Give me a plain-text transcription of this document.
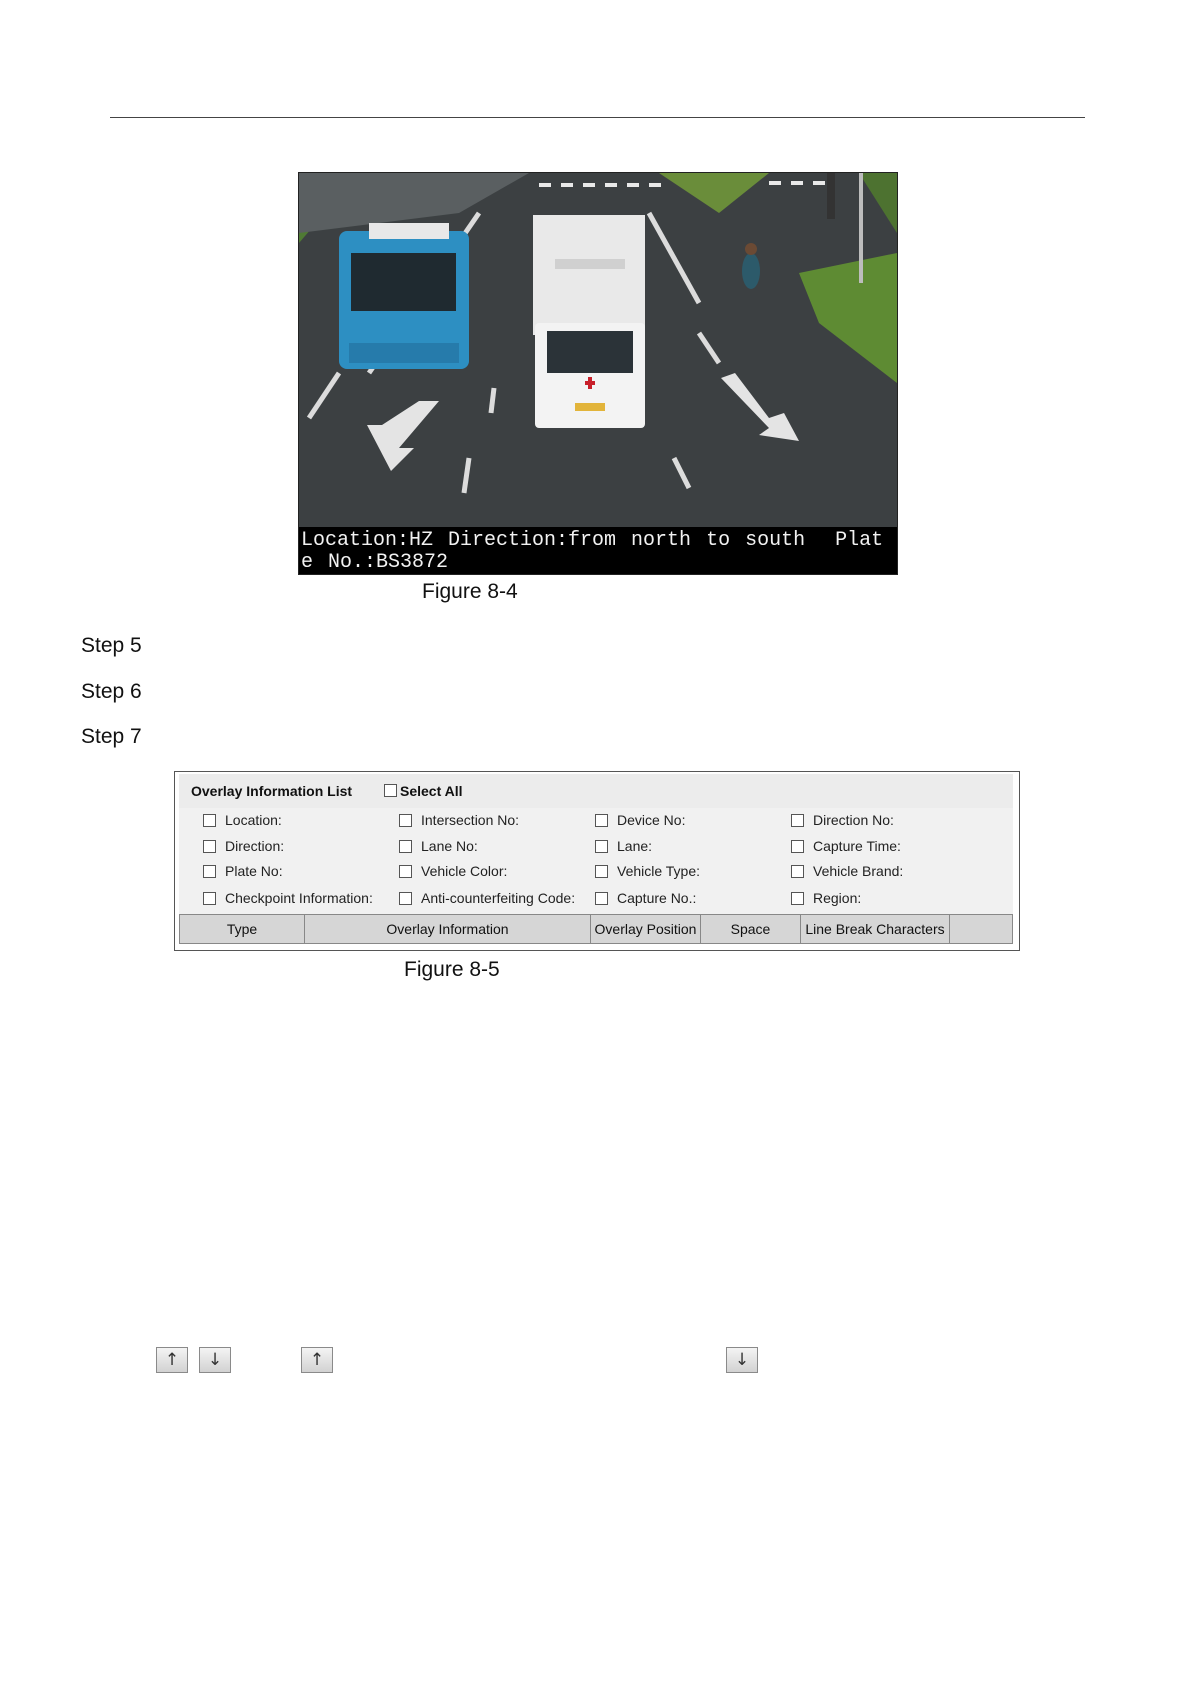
Location:HZ Direction:from north to south  Plate No.:BS3872
Figure 8-4
Step 5
Step 6
Step 7
Overlay Information List	Select All
Location:	Intersection No:	Device No:	Direction No:
Direction:	Lane No:	Lane:	Capture Time:
Plate No:	Vehicle Color:	Vehicle Type:	Vehicle Brand:
Checkpoint Information:	Anti-counterfeiting Code:	Capture No.:	Region:
Type	Overlay Information	Overlay Position	Space	Line Break Characters
Figure 8-5
↑	↓	↑	↓
